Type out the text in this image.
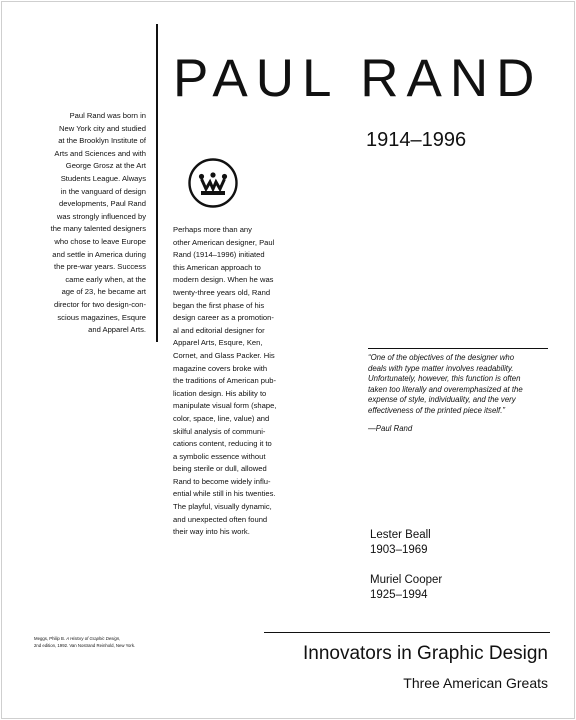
PAUL RAND
1914–1996

Paul Rand was born in
New York city and studied
at the Brooklyn Institute of
Arts and Sciences and with
George Grosz at the Art
Students League. Always
in the vanguard of design
developments, Paul Rand
was strongly influenced by
the many talented designers
who chose to leave Europe
and settle in America during
the pre-war years. Success
came early when, at the
age of 23, he became art
director for two design-con-
scious magazines, Esqure
and Apparel Arts.

Perhaps more than any
other American designer, Paul
Rand (1914–1996) initiated
this American approach to
modern design. When he was
twenty-three years old, Rand
began the first phase of his
design career as a promotion-
al and editorial designer for
Apparel Arts, Esqure, Ken,
Cornet, and Glass Packer. His
magazine covers broke with
the traditions of American pub-
lication design. His ability to
manipulate visual form (shape,
color, space, line, value) and
skilful analysis of communi-
cations content, reducing it to
a symbolic essence without
being sterile or dull, allowed
Rand to become widely influ-
ential while still in his twenties.
The playful, visually dynamic,
and unexpected often found
their way into his work.

“One of the objectives of the designer who
deals with type matter involves readability.
Unfortunately, however, this function is often
taken too literally and overemphasized at the
expense of style, individuality, and the very
effectiveness of the printed piece itself.”

—Paul Rand
Lester Beall
1903–1969
Muriel Cooper
1925–1994
Meggs, Philip B. A History of Graphic Design,
2nd edition, 1992. Van Nostrand Reinhold, New York.	Innovators in Graphic Design
Three American Greats
